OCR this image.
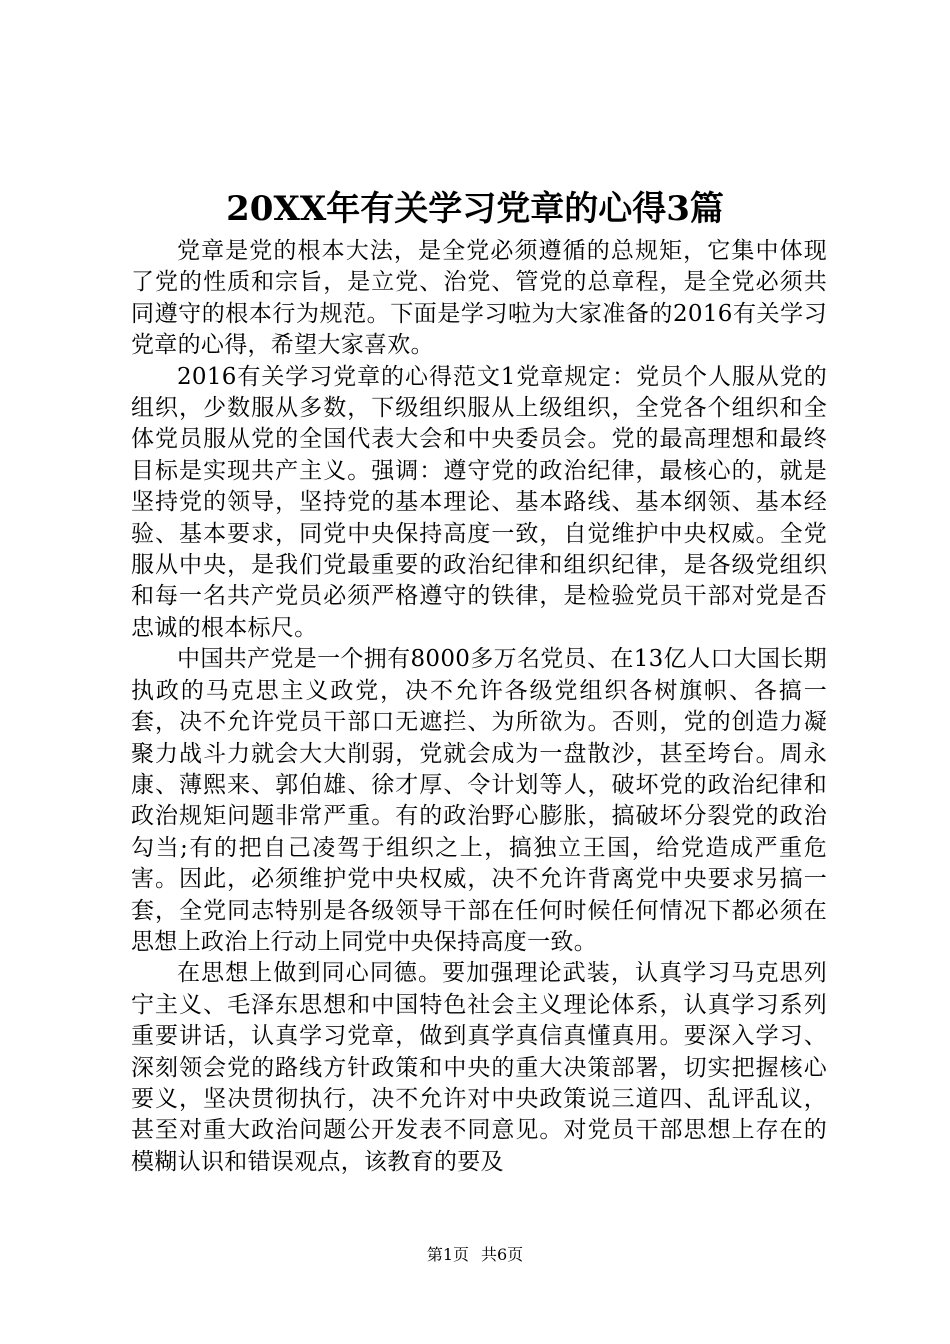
20XX年有关学习党章的心得3篇

党章是党的根本大法，是全党必须遵循的总规矩，它集中体现了党的性质和宗旨，是立党、治党、管党的总章程，是全党必须共同遵守的根本行为规范。下面是学习啦为大家准备的2016有关学习党章的心得，希望大家喜欢。

2016有关学习党章的心得范文1党章规定：党员个人服从党的组织，少数服从多数，下级组织服从上级组织，全党各个组织和全体党员服从党的全国代表大会和中央委员会。党的最高理想和最终目标是实现共产主义。强调：遵守党的政治纪律，最核心的，就是坚持党的领导，坚持党的基本理论、基本路线、基本纲领、基本经验、基本要求，同党中央保持高度一致，自觉维护中央权威。全党服从中央，是我们党最重要的政治纪律和组织纪律，是各级党组织和每一名共产党员必须严格遵守的铁律，是检验党员干部对党是否忠诚的根本标尺。

中国共产党是一个拥有8000多万名党员、在13亿人口大国长期执政的马克思主义政党，决不允许各级党组织各树旗帜、各搞一套，决不允许党员干部口无遮拦、为所欲为。否则，党的创造力凝聚力战斗力就会大大削弱，党就会成为一盘散沙，甚至垮台。周永康、薄熙来、郭伯雄、徐才厚、令计划等人，破坏党的政治纪律和政治规矩问题非常严重。有的政治野心膨胀，搞破坏分裂党的政治勾当;有的把自己凌驾于组织之上，搞独立王国，给党造成严重危害。因此，必须维护党中央权威，决不允许背离党中央要求另搞一套，全党同志特别是各级领导干部在任何时候任何情况下都必须在思想上政治上行动上同党中央保持高度一致。

在思想上做到同心同德。要加强理论武装，认真学习马克思列宁主义、毛泽东思想和中国特色社会主义理论体系，认真学习系列重要讲话，认真学习党章，做到真学真信真懂真用。要深入学习、深刻领会党的路线方针政策和中央的重大决策部署，切实把握核心要义，坚决贯彻执行，决不允许对中央政策说三道四、乱评乱议，甚至对重大政治问题公开发表不同意见。对党员干部思想上存在的模糊认识和错误观点，该教育的要及

第1页 共6页
